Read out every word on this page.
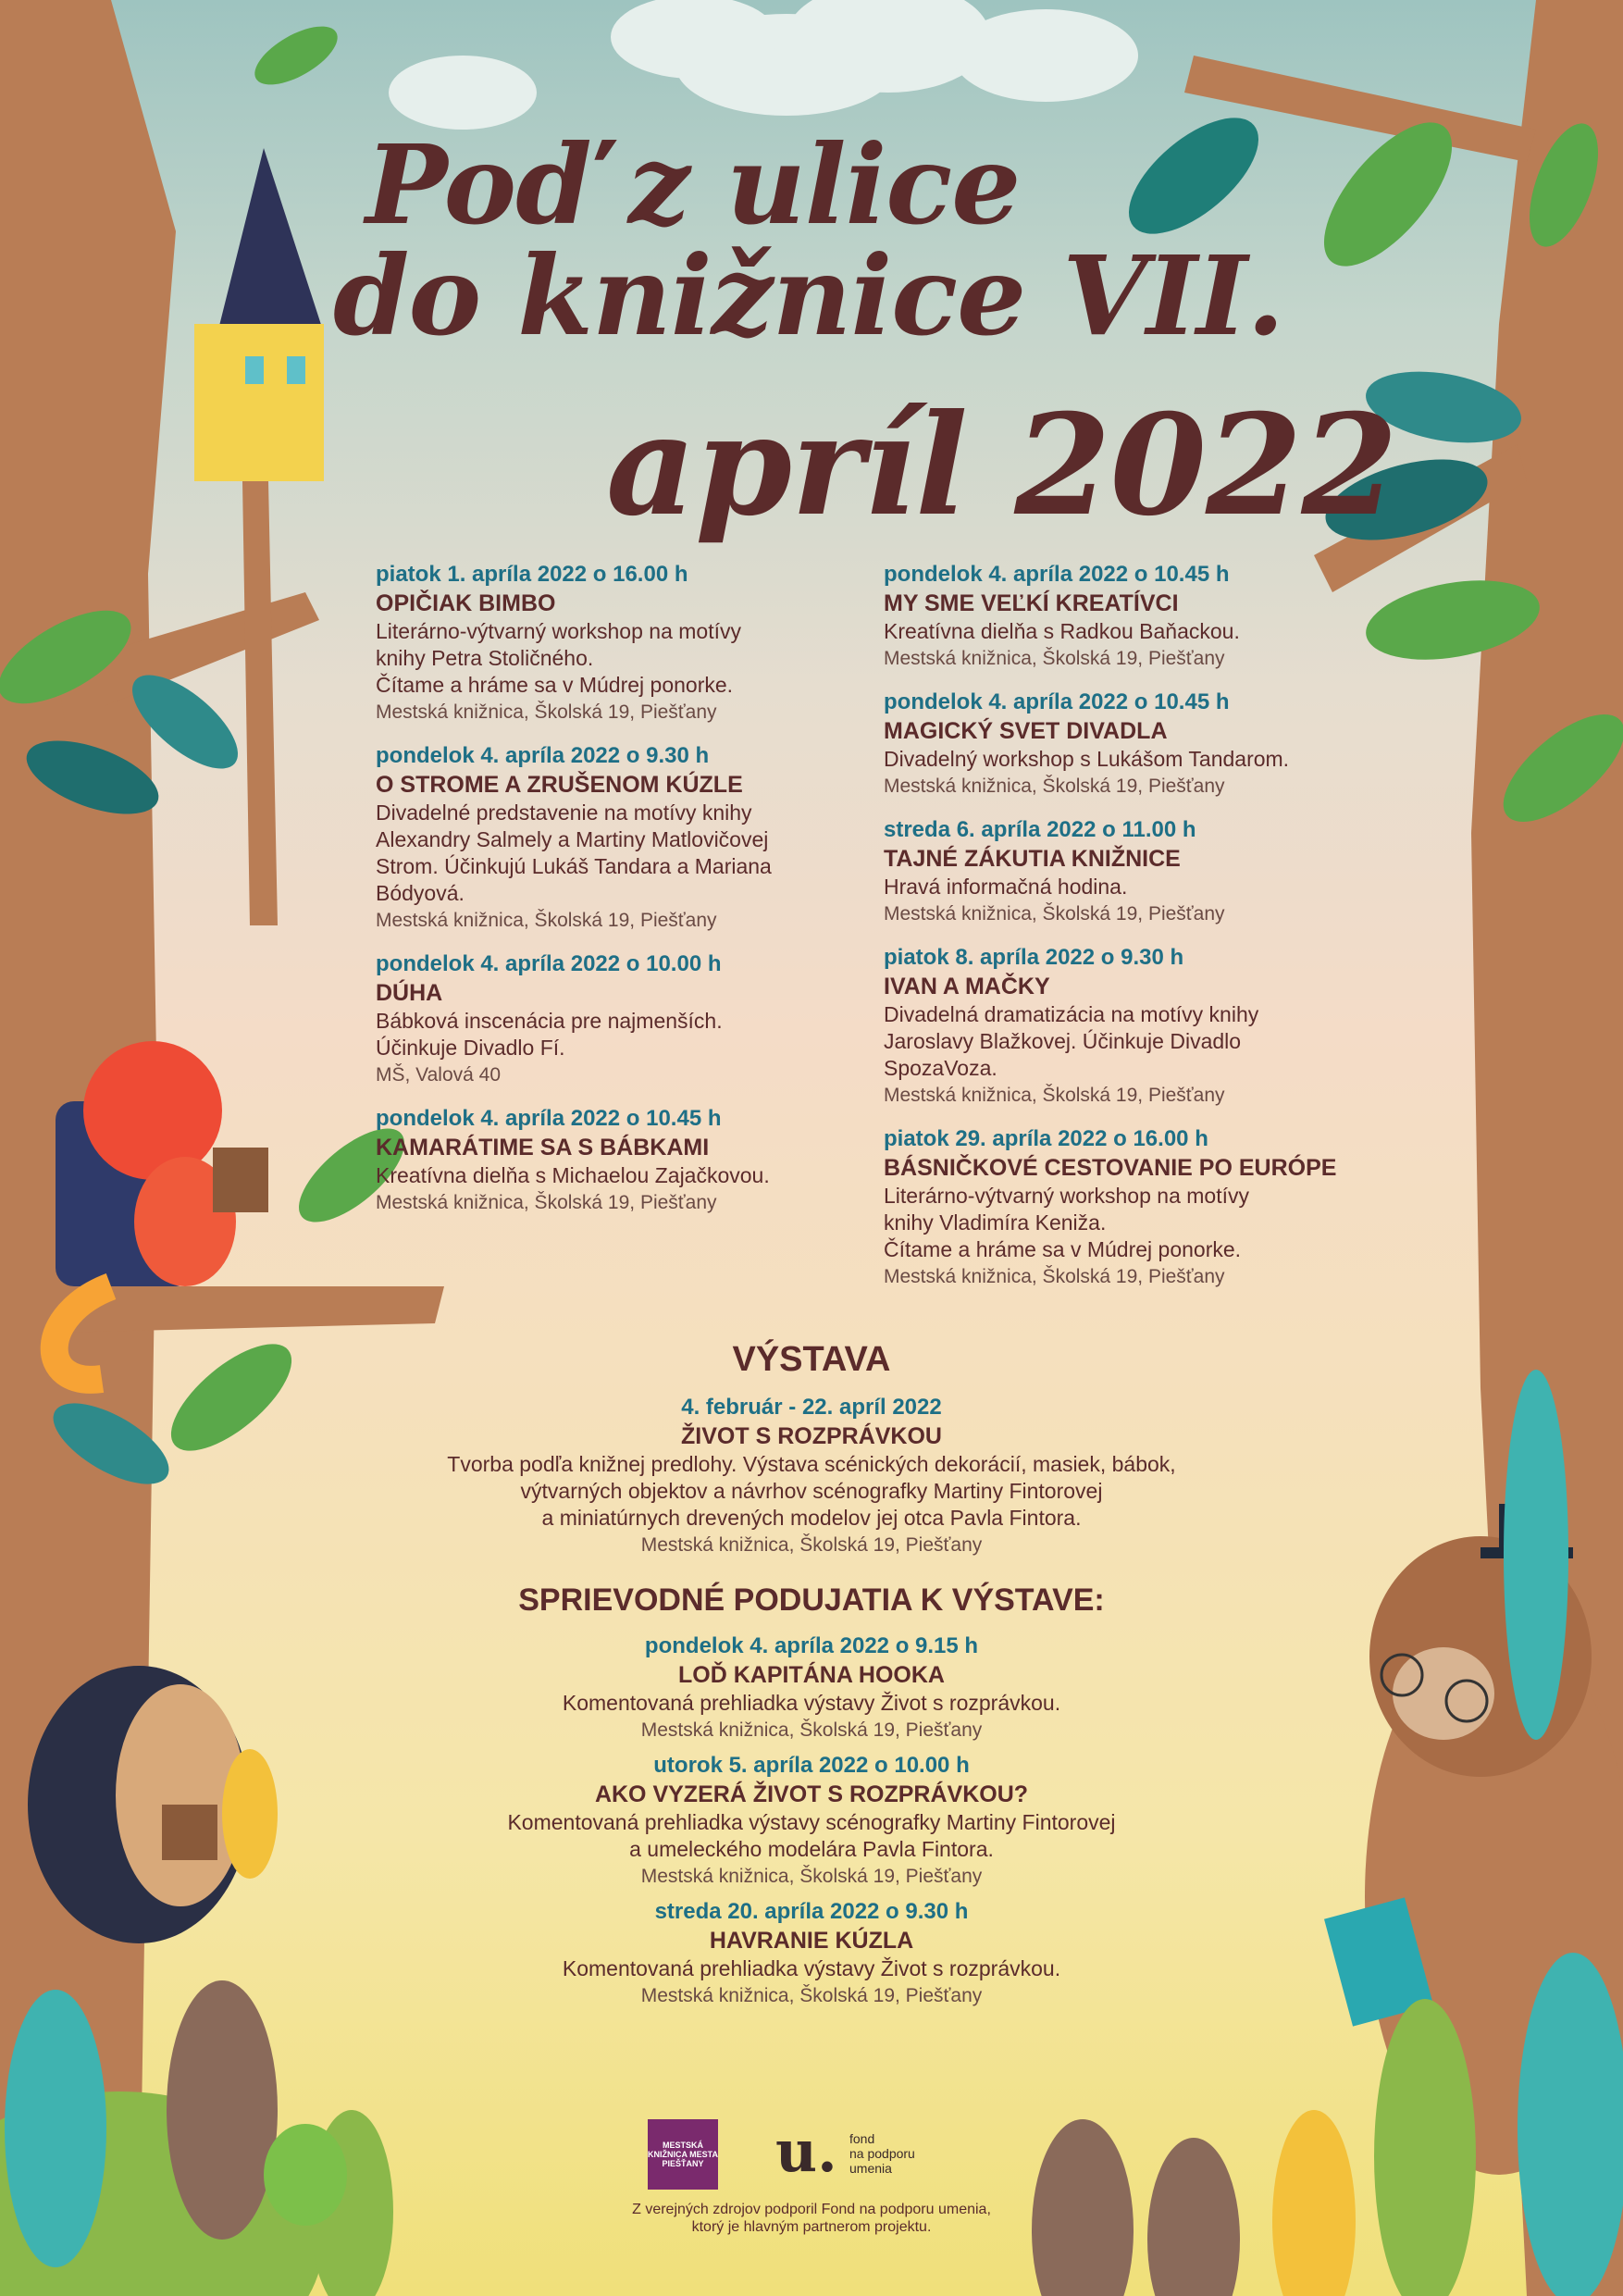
Poď z ulice
do knižnice VII.
apríl 2022
piatok 1. apríla 2022 o 16.00 h
OPIČIAK BIMBO
Literárno-výtvarný workshop na motívy
knihy Petra Stoličného.
Čítame a hráme sa v Múdrej ponorke.
Mestská knižnica, Školská 19, Piešťany
pondelok 4. apríla 2022 o 9.30 h
O STROME A ZRUŠENOM KÚZLE
Divadelné predstavenie na motívy knihy
Alexandry Salmely a Martiny Matlovičovej
Strom. Účinkujú Lukáš Tandara a Mariana
Bódyová.
Mestská knižnica, Školská 19, Piešťany
pondelok 4. apríla 2022 o 10.00 h
DÚHA
Bábková inscenácia pre najmenších.
Účinkuje Divadlo Fí.
MŠ, Valová 40
pondelok 4. apríla 2022 o 10.45 h
KAMARÁTIME SA S BÁBKAMI
Kreatívna dielňa s Michaelou Zajačkovou.
Mestská knižnica, Školská 19, Piešťany
pondelok 4. apríla 2022 o 10.45 h
MY SME VEĽKÍ KREATÍVCI
Kreatívna dielňa s Radkou Baňackou.
Mestská knižnica, Školská 19, Piešťany
pondelok 4. apríla 2022 o 10.45 h
MAGICKÝ SVET DIVADLA
Divadelný workshop s Lukášom Tandarom.
Mestská knižnica, Školská 19, Piešťany
streda 6. apríla 2022 o 11.00 h
TAJNÉ ZÁKUTIA KNIŽNICE
Hravá informačná hodina.
Mestská knižnica, Školská 19, Piešťany
piatok 8. apríla 2022 o 9.30 h
IVAN A MAČKY
Divadelná dramatizácia na motívy knihy
Jaroslavy Blažkovej. Účinkuje Divadlo
SpozaVoza.
Mestská knižnica, Školská 19, Piešťany
piatok 29. apríla 2022 o 16.00 h
BÁSNIČKOVÉ CESTOVANIE PO EURÓPE
Literárno-výtvarný workshop na motívy
knihy Vladimíra Keniža.
Čítame a hráme sa v Múdrej ponorke.
Mestská knižnica, Školská 19, Piešťany
VÝSTAVA
4. február - 22. apríl 2022
ŽIVOT S ROZPRÁVKOU
Tvorba podľa knižnej predlohy. Výstava scénických dekorácií, masiek, bábok,
výtvarných objektov a návrhov scénografky Martiny Fintorovej
a miniatúrnych drevených modelov jej otca Pavla Fintora.
Mestská knižnica, Školská 19, Piešťany
SPRIEVODNÉ PODUJATIA K VÝSTAVE:
pondelok 4. apríla 2022 o 9.15 h
LOĎ KAPITÁNA HOOKA
Komentovaná prehliadka výstavy Život s rozprávkou.
Mestská knižnica, Školská 19, Piešťany
utorok 5. apríla 2022 o 10.00 h
AKO VYZERÁ ŽIVOT S ROZPRÁVKOU?
Komentovaná prehliadka výstavy scénografky Martiny Fintorovej
a umeleckého modelára Pavla Fintora.
Mestská knižnica, Školská 19, Piešťany
streda 20. apríla 2022 o 9.30 h
HAVRANIE KÚZLA
Komentovaná prehliadka výstavy Život s rozprávkou.
Mestská knižnica, Školská 19, Piešťany
MESTSKÁ KNIŽNICA MESTA PIEŠŤANY u. fond
na podporu
umenia
Z verejných zdrojov podporil Fond na podporu umenia,
ktorý je hlavným partnerom projektu.
